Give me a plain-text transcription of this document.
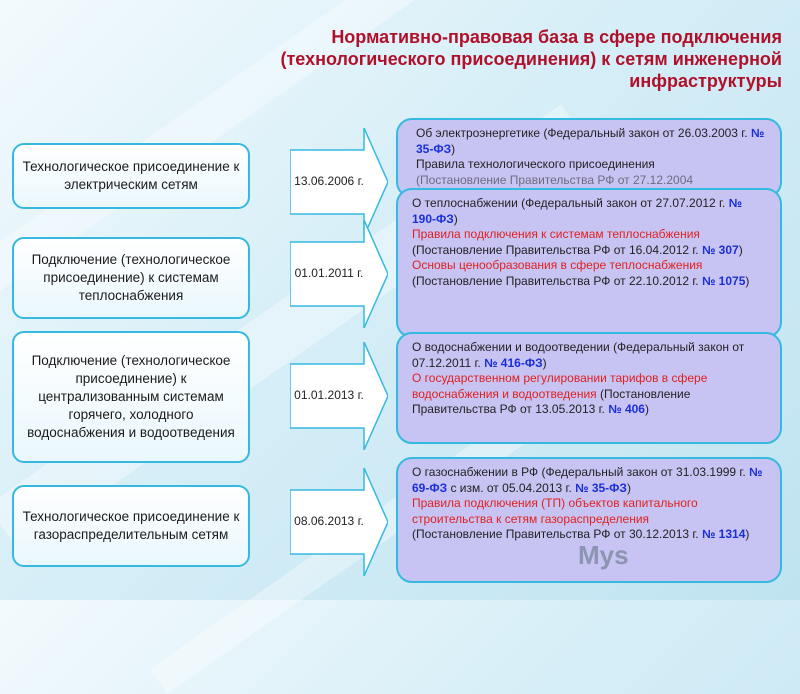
Нормативно-правовая база в сфере подключения
(технологического присоединения) к сетям инженерной
инфраструктуры
Технологическое присоединение к электрическим сетям
Подключение (технологическое присоединение) к системам теплоснабжения
Подключение (технологическое присоединение) к централизованным системам горячего, холодного водоснабжения и водоотведения
Технологическое присоединение к газораспределительным сетям
13.06.2006 г.
01.01.2011 г.
01.01.2013 г.
08.06.2013 г.
Об электроэнергетике (Федеральный закон от 26.03.2003 г. № 35-ФЗ)
Правила технологического присоединения
(Постановление Правительства РФ от 27.12.2004
О теплоснабжении (Федеральный закон от 27.07.2012 г. № 190-ФЗ)
Правила подключения к системам теплоснабжения
(Постановление Правительства РФ от 16.04.2012 г. № 307)
Основы ценообразования в сфере теплоснабжения
(Постановление Правительства РФ от 22.10.2012 г. № 1075)
О водоснабжении и водоотведении (Федеральный закон от 07.12.2011 г. № 416-ФЗ)
О государственном регулировании тарифов в сфере водоснабжения и водоотведения (Постановление Правительства РФ от 13.05.2013 г. № 406)
О газоснабжении в РФ (Федеральный закон от 31.03.1999 г. № 69-ФЗ с изм. от 05.04.2013 г. № 35-ФЗ)
Правила подключения (ТП) объектов капитального строительства к сетям газораспределения
(Постановление Правительства РФ от 30.12.2013 г. № 1314)
Mys
